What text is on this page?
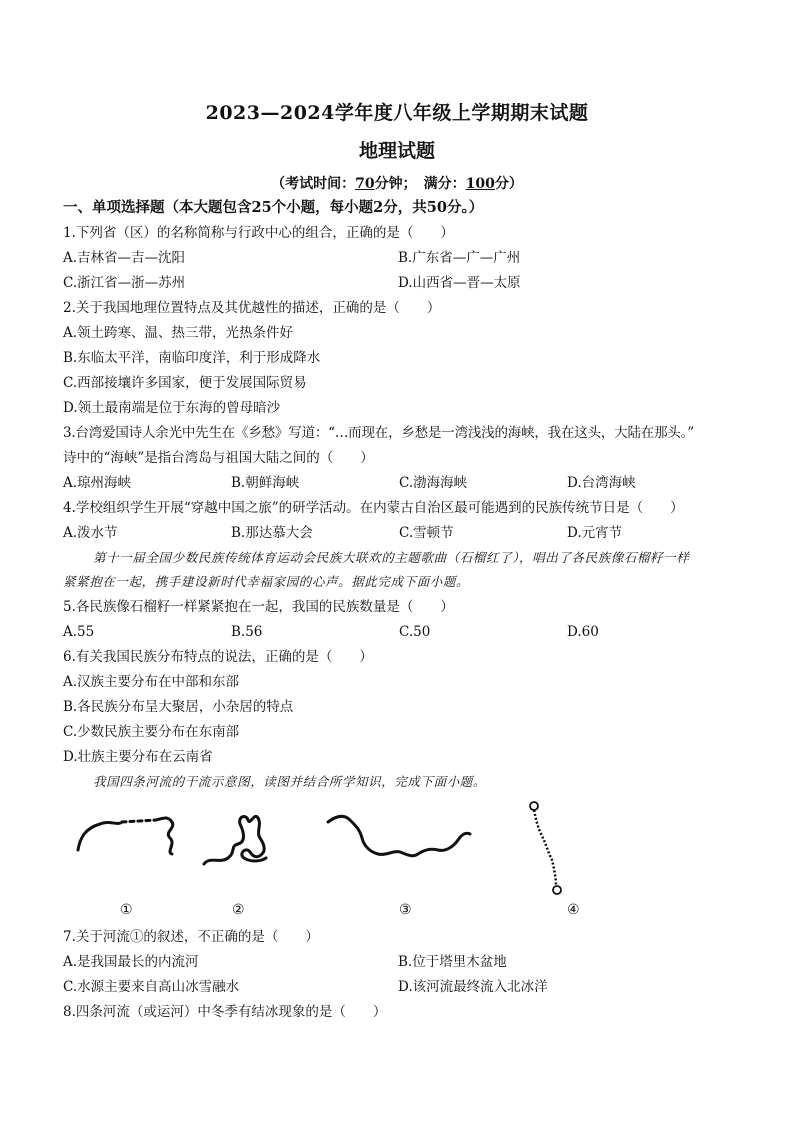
2023—2024学年度八年级上学期期末试题
地理试题
（考试时间：70分钟；　满分：100分）
一、单项选择题（本大题包含25个小题，每小题2分，共50分。）
1.下列省（区）的名称简称与行政中心的组合，正确的是（　　）
A.吉林省—吉—沈阳	B.广东省—广—广州
C.浙江省—浙—苏州	D.山西省—晋—太原
2.关于我国地理位置特点及其优越性的描述，正确的是（　　）
A.领土跨寒、温、热三带，光热条件好
B.东临太平洋，南临印度洋，利于形成降水
C.西部接壤许多国家，便于发展国际贸易
D.领土最南端是位于东海的曾母暗沙
3.台湾爱国诗人余光中先生在《乡愁》写道：“…而现在，乡愁是一湾浅浅的海峡，我在这头，大陆在那头。”
诗中的“海峡”是指台湾岛与祖国大陆之间的（　　）
A.琼州海峡	B.朝鲜海峡	C.渤海海峡	D.台湾海峡
4.学校组织学生开展“穿越中国之旅”的研学活动。在内蒙古自治区最可能遇到的民族传统节日是（　　）
A.泼水节	B.那达慕大会	C.雪顿节	D.元宵节
第十一届全国少数民族传统体育运动会民族大联欢的主题歌曲（石榴红了），唱出了各民族像石榴籽一样
紧紧抱在一起，携手建设新时代幸福家园的心声。据此完成下面小题。
5.各民族像石榴籽一样紧紧抱在一起，我国的民族数量是（　　）
A.55	B.56	C.50	D.60
6.有关我国民族分布特点的说法，正确的是（　　）
A.汉族主要分布在中部和东部
B.各民族分布呈大聚居，小杂居的特点
C.少数民族主要分布在东南部
D.壮族主要分布在云南省
我国四条河流的干流示意图，读图并结合所学知识，完成下面小题。
①	②	③	④
7.关于河流①的叙述，不正确的是（　　）
A.是我国最长的内流河	B.位于塔里木盆地
C.水源主要来自高山冰雪融水	D.该河流最终流入北冰洋
8.四条河流（或运河）中冬季有结冰现象的是（　　）
